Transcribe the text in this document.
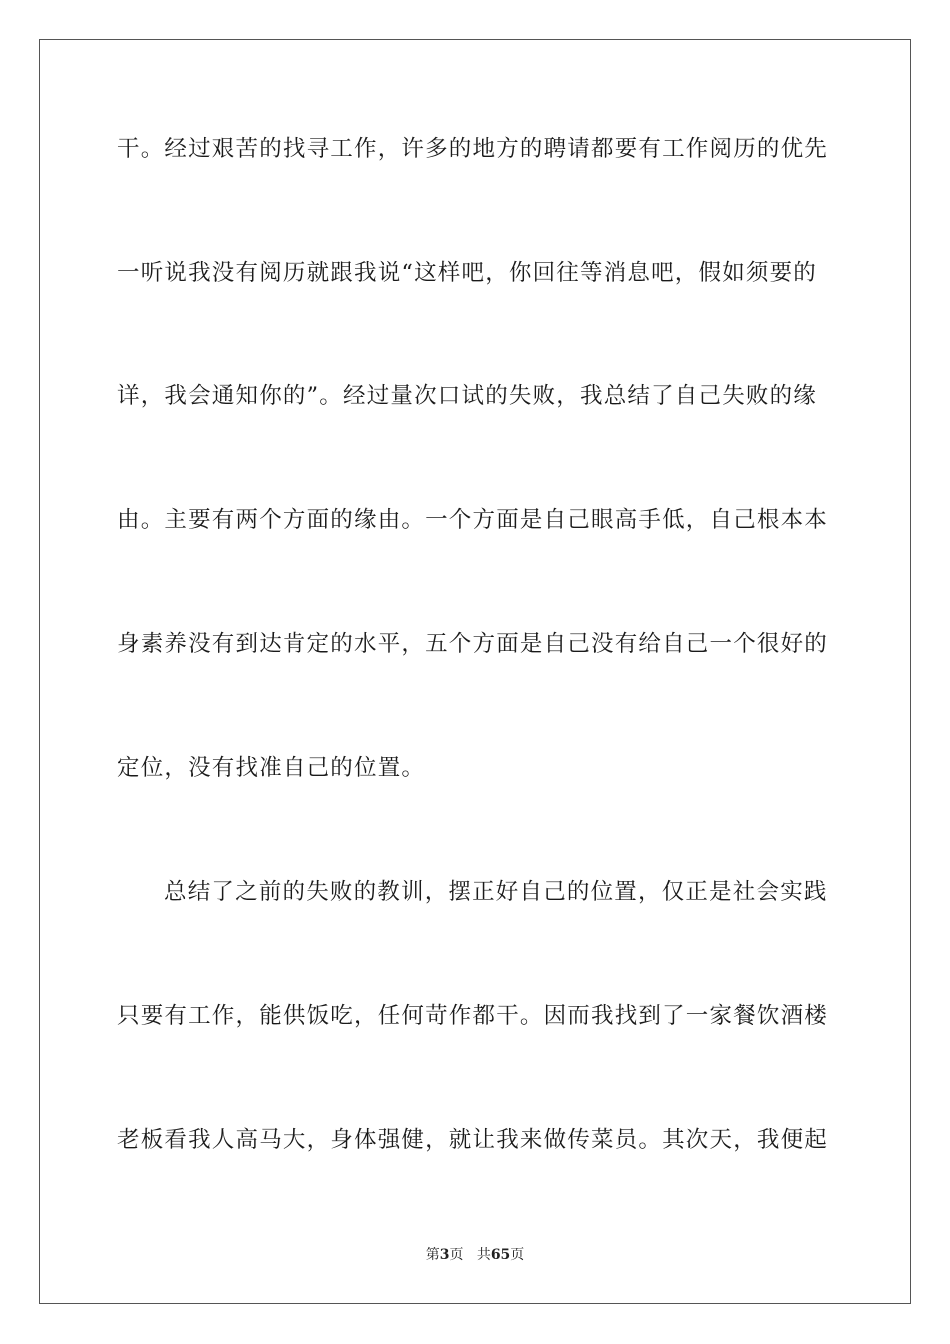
干。经过艰苦的找寻工作，许多的地方的聘请都要有工作阅历的优先
一听说我没有阅历就跟我说“这样吧，你回往等消息吧，假如须要的
详，我会通知你的”。经过量次口试的失败，我总结了自己失败的缘
由。主要有两个方面的缘由。一个方面是自己眼高手低，自己根本本
身素养没有到达肯定的水平，五个方面是自己没有给自己一个很好的
定位，没有找准自己的位置。
总结了之前的失败的教训，摆正好自己的位置，仅正是社会实践
只要有工作，能供饭吃，任何苛作都干。因而我找到了一家餐饮酒楼
老板看我人高马大，身体强健，就让我来做传菜员。其次天，我便起
第3页 共65页
